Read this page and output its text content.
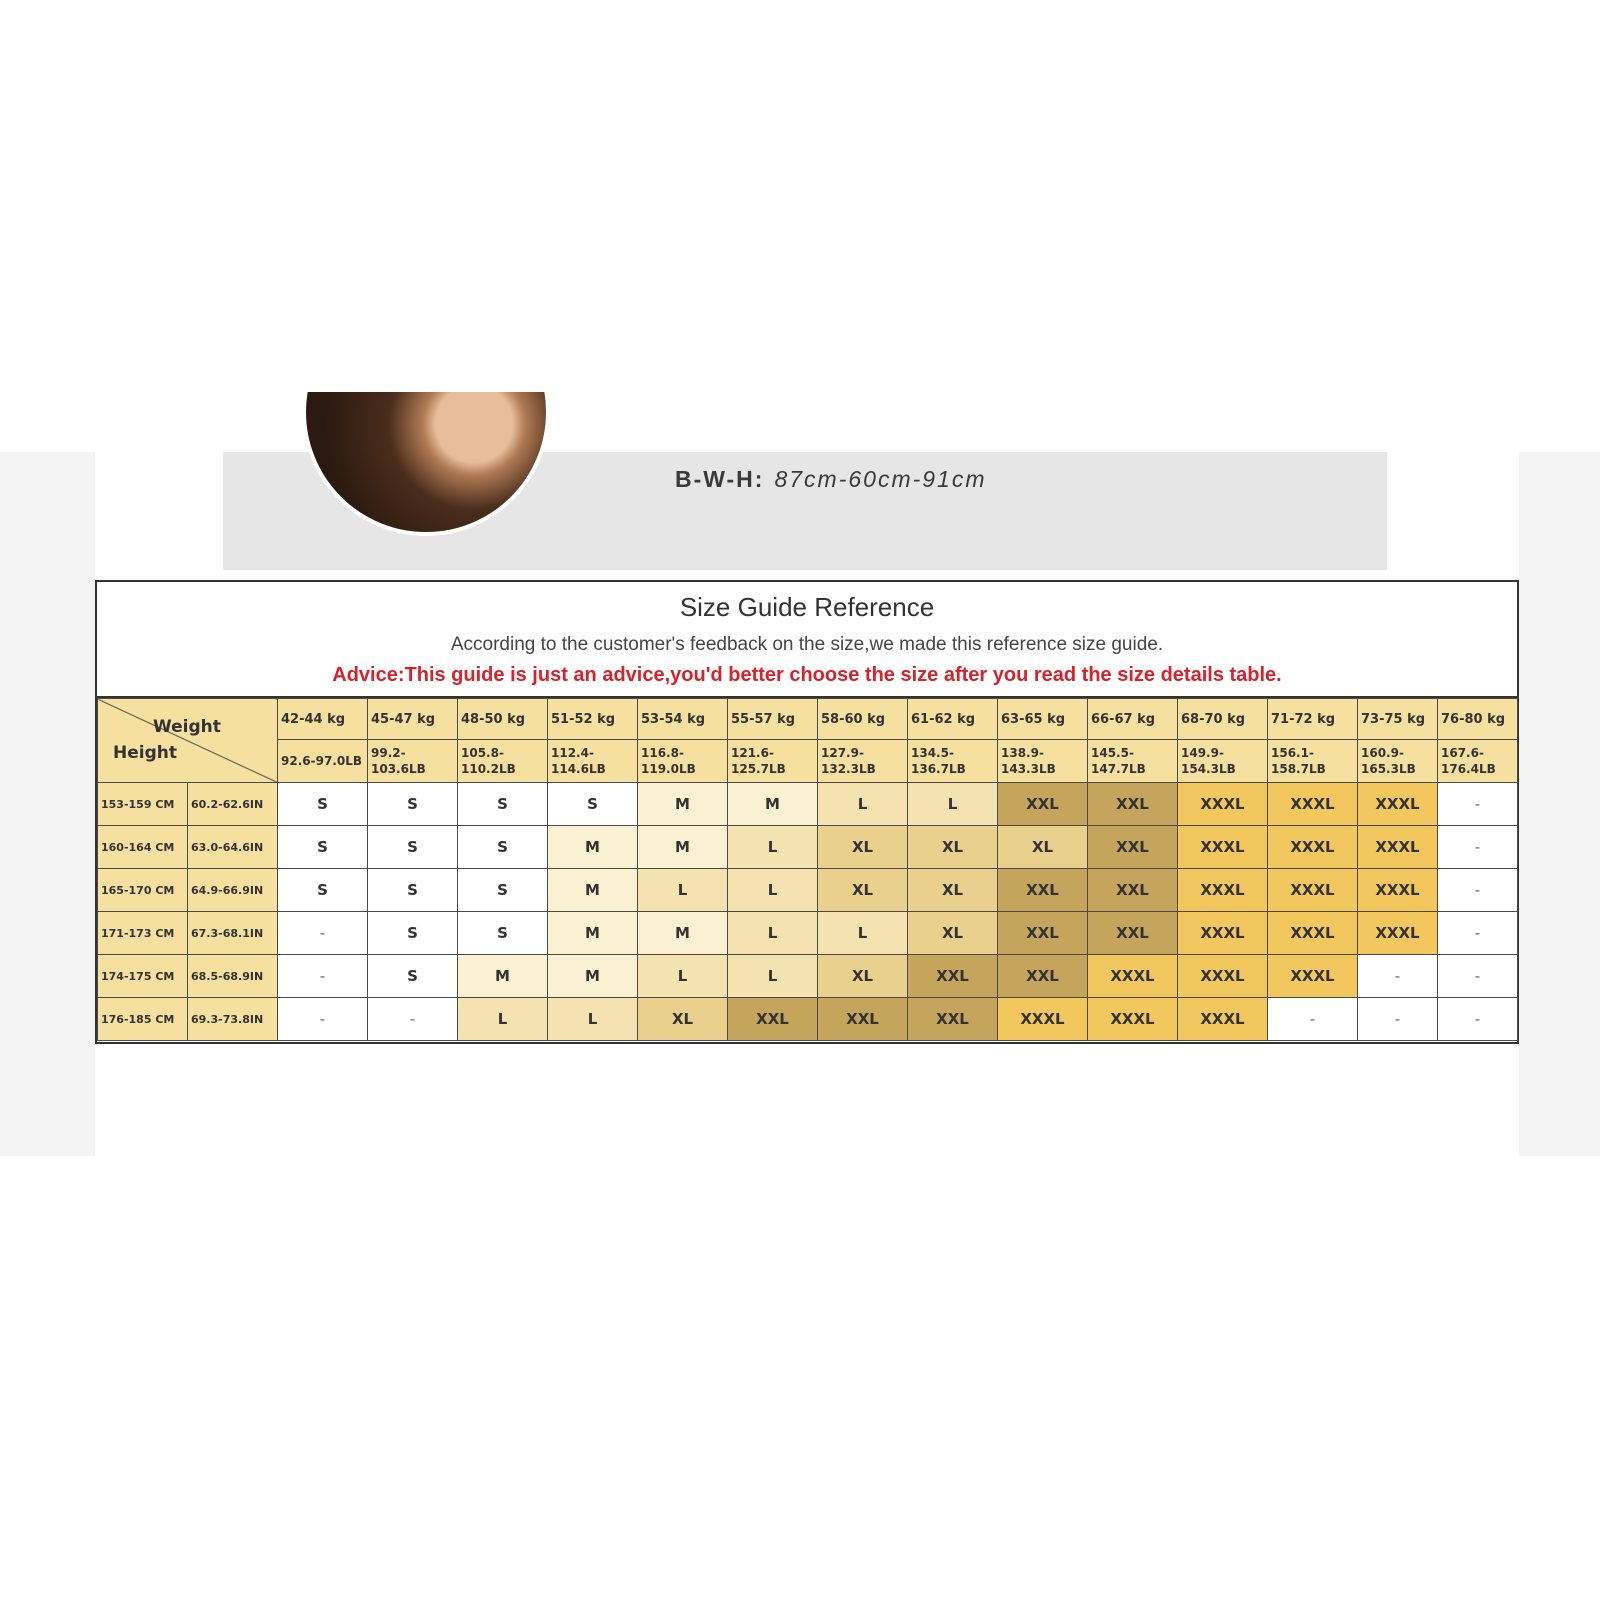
B-W-H: 87cm-60cm-91cm
Size Guide Reference
According to the customer's feedback on the size,we made this reference size guide.
Advice:This guide is just an advice,you'd better choose the size after you read the size details table.
Weight
Height		42-44 kg	45-47 kg	48-50 kg	51-52 kg	53-54 kg	55-57 kg	58-60 kg	61-62 kg	63-65 kg	66-67 kg	68-70 kg	71-72 kg	73-75 kg	76-80 kg
		92.6-97.0LB	99.2-103.6LB	105.8-110.2LB	112.4-114.6LB	116.8-119.0LB	121.6-125.7LB	127.9-132.3LB	134.5-136.7LB	138.9-143.3LB	145.5-147.7LB	149.9-154.3LB	156.1-158.7LB	160.9-165.3LB	167.6-176.4LB
153-159 CM	60.2-62.6IN	S	S	S	S	M	M	L	L	XXL	XXL	XXXL	XXXL	XXXL	-
160-164 CM	63.0-64.6IN	S	S	S	M	M	L	XL	XL	XL	XXL	XXXL	XXXL	XXXL	-
165-170 CM	64.9-66.9IN	S	S	S	M	L	L	XL	XL	XXL	XXL	XXXL	XXXL	XXXL	-
171-173 CM	67.3-68.1IN	-	S	S	M	M	L	L	XL	XXL	XXL	XXXL	XXXL	XXXL	-
174-175 CM	68.5-68.9IN	-	S	M	M	L	L	XL	XXL	XXL	XXXL	XXXL	XXXL	-	-
176-185 CM	69.3-73.8IN	-	-	L	L	XL	XXL	XXL	XXL	XXXL	XXXL	XXXL	-	-	-
